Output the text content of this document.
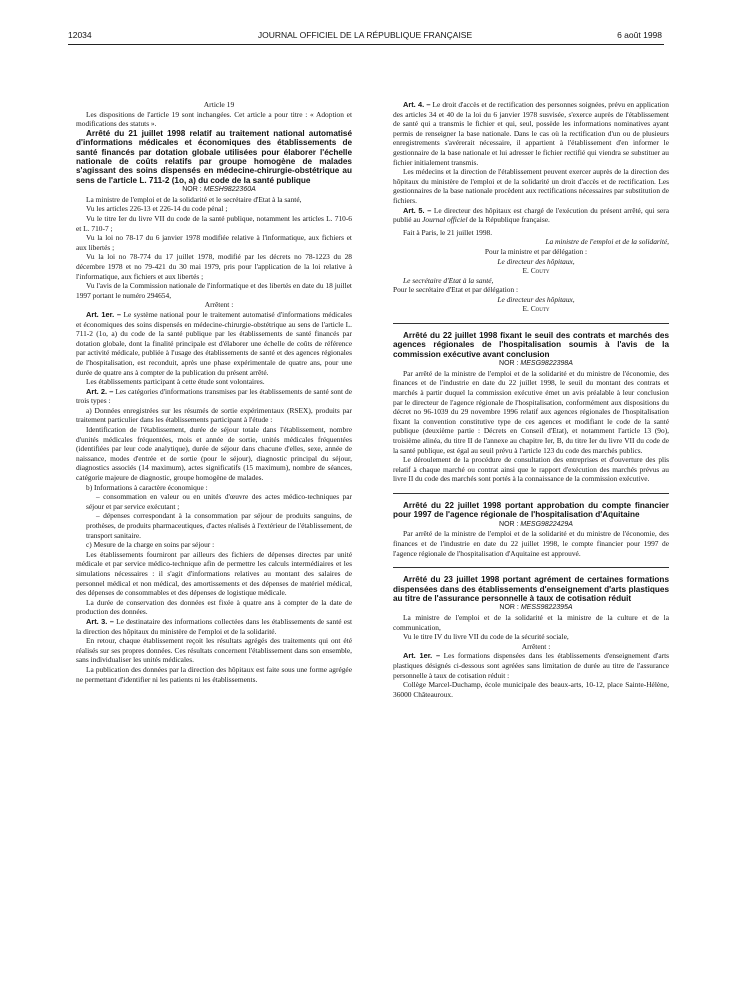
12034	JOURNAL OFFICIEL DE LA RÉPUBLIQUE FRANÇAISE	6 août 1998

Article 19

Les dispositions de l'article 19 sont inchangées. Cet article a pour titre : « Adoption et modifications des statuts ».

Arrêté du 21 juillet 1998 relatif au traitement national automatisé d'informations médicales et économiques des établissements de santé financés par dotation globale utilisées pour élaborer l'échelle nationale de coûts relatifs par groupe homogène de malades s'agissant des soins dispensés en médecine-chirurgie-obstétrique au sens de l'article L. 711-2 (1o, a) du code de la santé publique

NOR : MESH9822360A

La ministre de l'emploi et de la solidarité et le secrétaire d'Etat à la santé,

Vu les articles 226-13 et 226-14 du code pénal ;

Vu le titre Ier du livre VII du code de la santé publique, notamment les articles L. 710-6 et L. 710-7 ;

Vu la loi no 78-17 du 6 janvier 1978 modifiée relative à l'informatique, aux fichiers et aux libertés ;

Vu la loi no 78-774 du 17 juillet 1978, modifié par les décrets no 78-1223 du 28 décembre 1978 et no 79-421 du 30 mai 1979, pris pour l'application de la loi relative à l'informatique, aux fichiers et aux libertés ;

Vu l'avis de la Commission nationale de l'informatique et des libertés en date du 18 juillet 1997 portant le numéro 294654,

Arrêtent :

Art. 1er. – Le système national pour le traitement automatisé d'informations médicales et économiques des soins dispensés en médecine-chirurgie-obstétrique au sens de l'article L. 711-2 (1o, a) du code de la santé publique par les établissements de santé financés par dotation globale, dont la finalité principale est d'élaborer une échelle de coûts de référence par activité médicale, publiée à l'usage des établissements de santé et des agences régionales de l'hospitalisation, est reconduit, après une phase expérimentale de quatre ans, pour une durée de quatre ans à compter de la publication du présent arrêté.

Les établissements participant à cette étude sont volontaires.

Art. 2. – Les catégories d'informations transmises par les établissements de santé sont de trois types :

a) Données enregistrées sur les résumés de sortie expérimentaux (RSEX), produits par traitement particulier dans les établissements participant à l'étude :

Identification de l'établissement, durée de séjour totale dans l'établissement, nombre d'unités médicales fréquentées, mois et année de sortie, unités médicales fréquentées (identifiées par leur code analytique), durée de séjour dans chacune d'elles, sexe, année de naissance, modes d'entrée et de sortie (pour le séjour), diagnostic principal du séjour, diagnostics associés (14 maximum), actes significatifs (15 maximum), nombre de séances, catégorie majeure de diagnostic, groupe homogène de malades.

b) Informations à caractère économique :

– consommation en valeur ou en unités d'œuvre des actes médico-techniques par séjour et par service exécutant ;

– dépenses correspondant à la consommation par séjour de produits sanguins, de prothèses, de produits pharmaceutiques, d'actes réalisés à l'extérieur de l'établissement, de transport sanitaire.

c) Mesure de la charge en soins par séjour :

Les établissements fourniront par ailleurs des fichiers de dépenses directes par unité médicale et par service médico-technique afin de permettre les calculs intermédiaires et les simulations nécessaires : il s'agit d'informations relatives au montant des salaires de personnel médical et non médical, des amortissements et des dépenses de matériel médical, des dépenses de consommables et des dépenses de logistique médicale.

La durée de conservation des données est fixée à quatre ans à compter de la date de production des données.

Art. 3. – Le destinataire des informations collectées dans les établissements de santé est la direction des hôpitaux du ministère de l'emploi et de la solidarité.

En retour, chaque établissement reçoit les résultats agrégés des traitements qui ont été réalisés sur ses propres données. Ces résultats concernent l'établissement dans son ensemble, sans individualiser les unités médicales.

La publication des données par la direction des hôpitaux est faite sous une forme agrégée ne permettant d'identifier ni les patients ni les établissements.

Art. 4. – Le droit d'accès et de rectification des personnes soignées, prévu en application des articles 34 et 40 de la loi du 6 janvier 1978 susvisée, s'exerce auprès de l'établissement de santé qui a transmis le fichier et qui, seul, possède les informations nominatives ayant permis de renseigner la base nationale. Dans le cas où la rectification d'un ou de plusieurs enregistrements s'avérerait nécessaire, il appartient à l'établissement d'en informer le gestionnaire de la base nationale et lui adresser le fichier rectifié qui viendra se substituer au fichier initialement transmis.

Les médecins et la direction de l'établissement peuvent exercer auprès de la direction des hôpitaux du ministère de l'emploi et de la solidarité un droit d'accès et de rectification. Les gestionnaires de la base nationale procèdent aux rectifications nécessaires par substitution de fichiers.

Art. 5. – Le directeur des hôpitaux est chargé de l'exécution du présent arrêté, qui sera publié au Journal officiel de la République française.

Fait à Paris, le 21 juillet 1998.

La ministre de l'emploi et de la solidarité,

Pour la ministre et par délégation :

Le directeur des hôpitaux,

E. Couty

Le secrétaire d'Etat à la santé,

Pour le secrétaire d'Etat et par délégation :

Le directeur des hôpitaux,

E. Couty

Arrêté du 22 juillet 1998 fixant le seuil des contrats et marchés des agences régionales de l'hospitalisation soumis à l'avis de la commission exécutive avant conclusion

NOR : MESG9822398A

Par arrêté de la ministre de l'emploi et de la solidarité et du ministre de l'économie, des finances et de l'industrie en date du 22 juillet 1998, le seuil du montant des contrats et marchés à partir duquel la commission exécutive émet un avis préalable à leur conclusion par le directeur de l'agence régionale de l'hospitalisation, conformément aux dispositions du décret no 96-1039 du 29 novembre 1996 relatif aux agences régionales de l'hospitalisation fixant la convention constitutive type de ces agences et modifiant le code de la santé publique (deuxième partie : Décrets en Conseil d'Etat), et notamment l'article 13 (9o), troisième alinéa, du titre II de l'annexe au chapitre Ier, B, du titre Ier du livre VII du code de la santé publique, est égal au seuil prévu à l'article 123 du code des marchés publics.

Le déroulement de la procédure de consultation des entreprises et d'ouverture des plis relatif à chaque marché ou contrat ainsi que le rapport d'exécution des marchés prévus au livre II du code des marchés sont portés à la connaissance de la commission exécutive.

Arrêté du 22 juillet 1998 portant approbation du compte financier pour 1997 de l'agence régionale de l'hospitalisation d'Aquitaine

NOR : MESG9822429A

Par arrêté de la ministre de l'emploi et de la solidarité et du ministre de l'économie, des finances et de l'industrie en date du 22 juillet 1998, le compte financier pour 1997 de l'agence régionale de l'hospitalisation d'Aquitaine est approuvé.

Arrêté du 23 juillet 1998 portant agrément de certaines formations dispensées dans des établissements d'enseignement d'arts plastiques au titre de l'assurance personnelle à taux de cotisation réduit

NOR : MESS9822395A

La ministre de l'emploi et de la solidarité et la ministre de la culture et de la communication,

Vu le titre IV du livre VII du code de la sécurité sociale,

Arrêtent :

Art. 1er. – Les formations dispensées dans les établissements d'enseignement d'arts plastiques désignés ci-dessous sont agréées sans limitation de durée au titre de l'assurance personnelle à taux de cotisation réduit :

Collège Marcel-Duchamp, école municipale des beaux-arts, 10-12, place Sainte-Hélène, 36000 Châteauroux.
